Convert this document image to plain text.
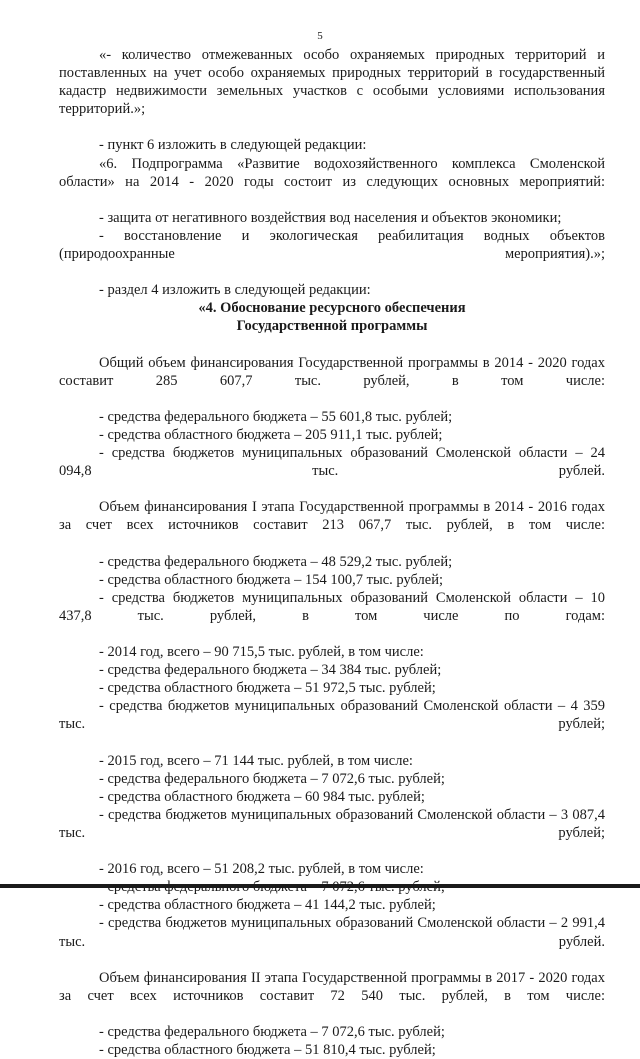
5

«- количество отмежеванных особо охраняемых природных территорий и поставленных на учет особо охраняемых природных территорий в государственный кадастр недвижимости земельных участков с особыми условиями использования территорий.»;

- пункт 6 изложить в следующей редакции:

«6. Подпрограмма «Развитие водохозяйственного комплекса Смоленской области» на 2014 - 2020 годы состоит из следующих основных мероприятий:

- защита от негативного воздействия вод населения и объектов экономики;

- восстановление и экологическая реабилитация водных объектов (природоохранные мероприятия).»;

- раздел 4 изложить в следующей редакции:

«4. Обоснование ресурсного обеспечения

Государственной программы

Общий объем финансирования Государственной программы в 2014 - 2020 годах составит 285 607,7 тыс. рублей, в том числе:

- средства федерального бюджета – 55 601,8 тыс. рублей;

- средства областного бюджета – 205 911,1 тыс. рублей;

- средства бюджетов муниципальных образований Смоленской области – 24 094,8 тыс. рублей.

Объем финансирования I этапа Государственной программы в 2014 - 2016 годах за счет всех источников составит 213 067,7 тыс. рублей, в том числе:

- средства федерального бюджета – 48 529,2 тыс. рублей;

- средства областного бюджета – 154 100,7 тыс. рублей;

- средства бюджетов муниципальных образований Смоленской области – 10 437,8 тыс. рублей, в том числе по годам:

- 2014 год, всего – 90 715,5 тыс. рублей, в том числе:

- средства федерального бюджета – 34 384 тыс. рублей;

- средства областного бюджета – 51 972,5 тыс. рублей;

- средства бюджетов муниципальных образований Смоленской области – 4 359 тыс. рублей;

- 2015 год, всего – 71 144 тыс. рублей, в том числе:

- средства федерального бюджета – 7 072,6 тыс. рублей;

- средства областного бюджета – 60 984 тыс. рублей;

- средства бюджетов муниципальных образований Смоленской области – 3 087,4 тыс. рублей;

- 2016 год, всего – 51 208,2 тыс. рублей, в том числе:

- средства областного бюджета – 41 144,2 тыс. рублей;

- средства бюджетов муниципальных образований Смоленской области – 2 991,4 тыс. рублей.

Объем финансирования II этапа Государственной программы в 2017 - 2020 годах за счет всех источников составит 72 540 тыс. рублей, в том числе:

- средства федерального бюджета – 7 072,6 тыс. рублей;

- средства областного бюджета – 51 810,4 тыс. рублей;
